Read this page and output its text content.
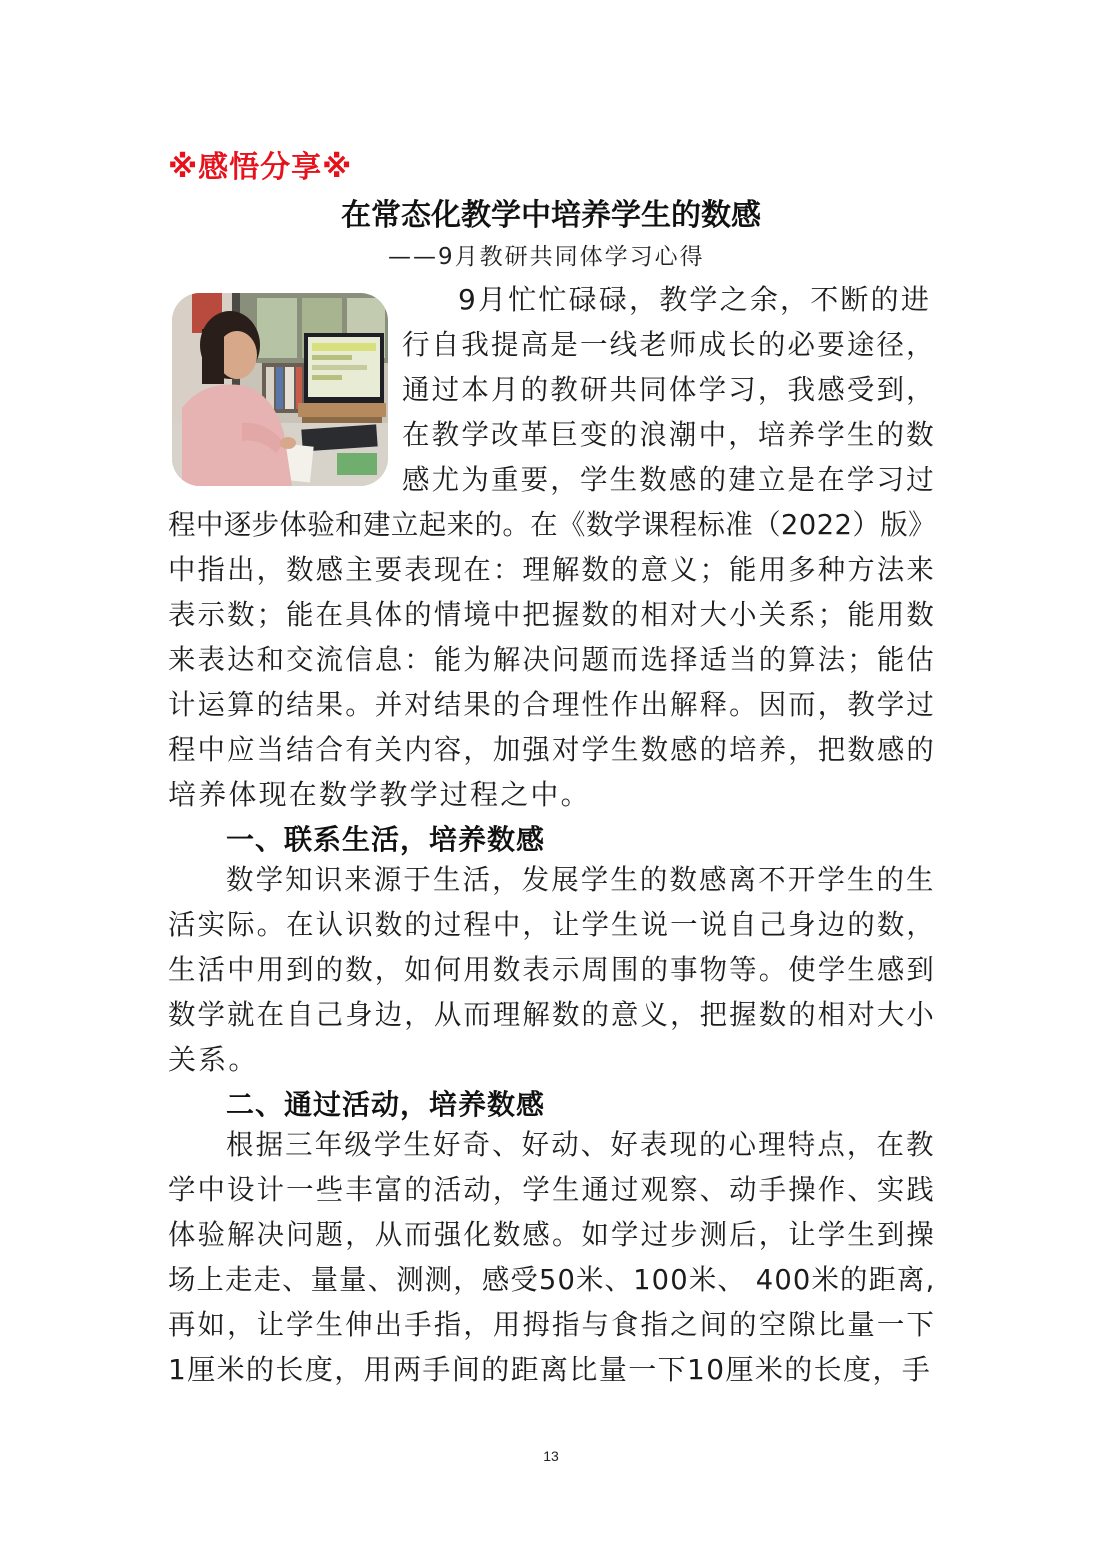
※感悟分享※
在常态化教学中培养学生的数感
——9月教研共同体学习心得
9月忙忙碌碌，教学之余，不断的进
行自我提高是一线老师成长的必要途径，
通过本月的教研共同体学习，我感受到，
在教学改革巨变的浪潮中，培养学生的数
感尤为重要，学生数感的建立是在学习过
程中逐步体验和建立起来的。在《数学课程标准（2022）版》
中指出，数感主要表现在：理解数的意义；能用多种方法来
表示数；能在具体的情境中把握数的相对大小关系；能用数
来表达和交流信息：能为解决问题而选择适当的算法；能估
计运算的结果。并对结果的合理性作出解释。因而，教学过
程中应当结合有关内容，加强对学生数感的培养，把数感的
培养体现在数学教学过程之中。
一、联系生活，培养数感
数学知识来源于生活，发展学生的数感离不开学生的生
活实际。在认识数的过程中，让学生说一说自己身边的数，
生活中用到的数，如何用数表示周围的事物等。使学生感到
数学就在自己身边，从而理解数的意义，把握数的相对大小
关系。
二、通过活动，培养数感
根据三年级学生好奇、好动、好表现的心理特点，在教
学中设计一些丰富的活动，学生通过观察、动手操作、实践
体验解决问题，从而强化数感。如学过步测后，让学生到操
场上走走、量量、测测，感受50米、100米、 400米的距离,
再如，让学生伸出手指，用拇指与食指之间的空隙比量一下
1厘米的长度，用两手间的距离比量一下10厘米的长度，手
13
